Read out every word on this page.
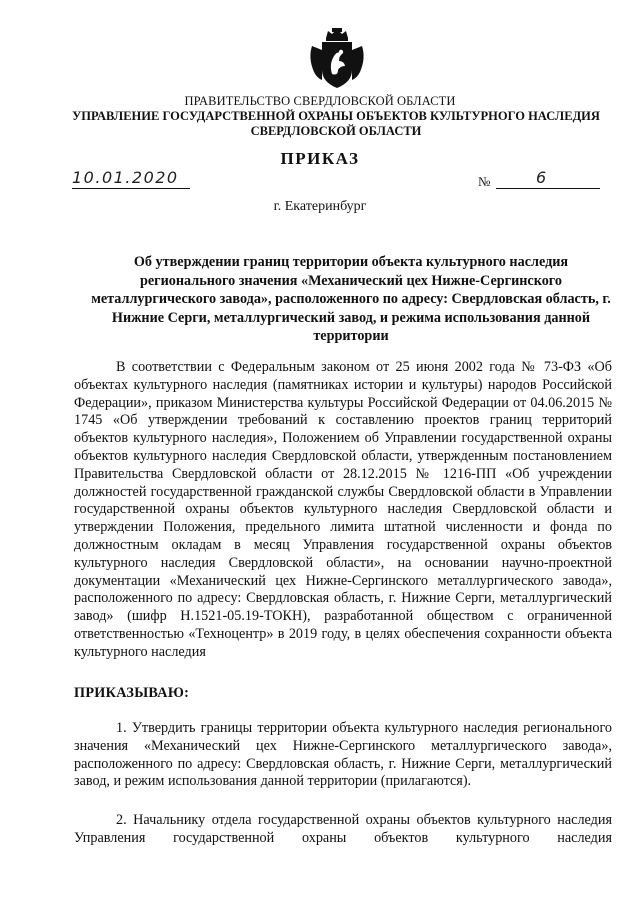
ПРАВИТЕЛЬСТВО СВЕРДЛОВСКОЙ ОБЛАСТИ
УПРАВЛЕНИЕ ГОСУДАРСТВЕННОЙ ОХРАНЫ ОБЪЕКТОВ КУЛЬТУРНОГО НАСЛЕДИЯ СВЕРДЛОВСКОЙ ОБЛАСТИ
ПРИКАЗ
10.01.2020	№	6
г. Екатеринбург
Об утверждении границ территории объекта культурного наследия регионального значения «Механический цех Нижне-Сергинского металлургического завода», расположенного по адресу: Свердловская область, г. Нижние Серги, металлургический завод, и режима использования данной территории
В соответствии с Федеральным законом от 25 июня 2002 года № 73-ФЗ «Об объектах культурного наследия (памятниках истории и культуры) народов Российской Федерации», приказом Министерства культуры Российской Федерации от 04.06.2015 № 1745 «Об утверждении требований к составлению проектов границ территорий объектов культурного наследия», Положением об Управлении государственной охраны объектов культурного наследия Свердловской области, утвержденным постановлением Правительства Свердловской области от 28.12.2015 № 1216-ПП «Об учреждении должностей государственной гражданской службы Свердловской области в Управлении государственной охраны объектов культурного наследия Свердловской области и утверждении Положения, предельного лимита штатной численности и фонда по должностным окладам в месяц Управления государственной охраны объектов культурного наследия Свердловской области», на основании научно-проектной документации «Механический цех Нижне-Сергинского металлургического завода», расположенного по адресу: Свердловская область, г. Нижние Серги, металлургический завод» (шифр Н.1521-05.19-ТОКН), разработанной обществом с ограниченной ответственностью «Техноцентр» в 2019 году, в целях обеспечения сохранности объекта культурного наследия
ПРИКАЗЫВАЮ:
1. Утвердить границы территории объекта культурного наследия регионального значения «Механический цех Нижне-Сергинского металлургического завода», расположенного по адресу: Свердловская область, г. Нижние Серги, металлургический завод, и режим использования данной территории (прилагаются).
2. Начальнику отдела государственной охраны объектов культурного наследия Управления государственной охраны объектов культурного наследия
